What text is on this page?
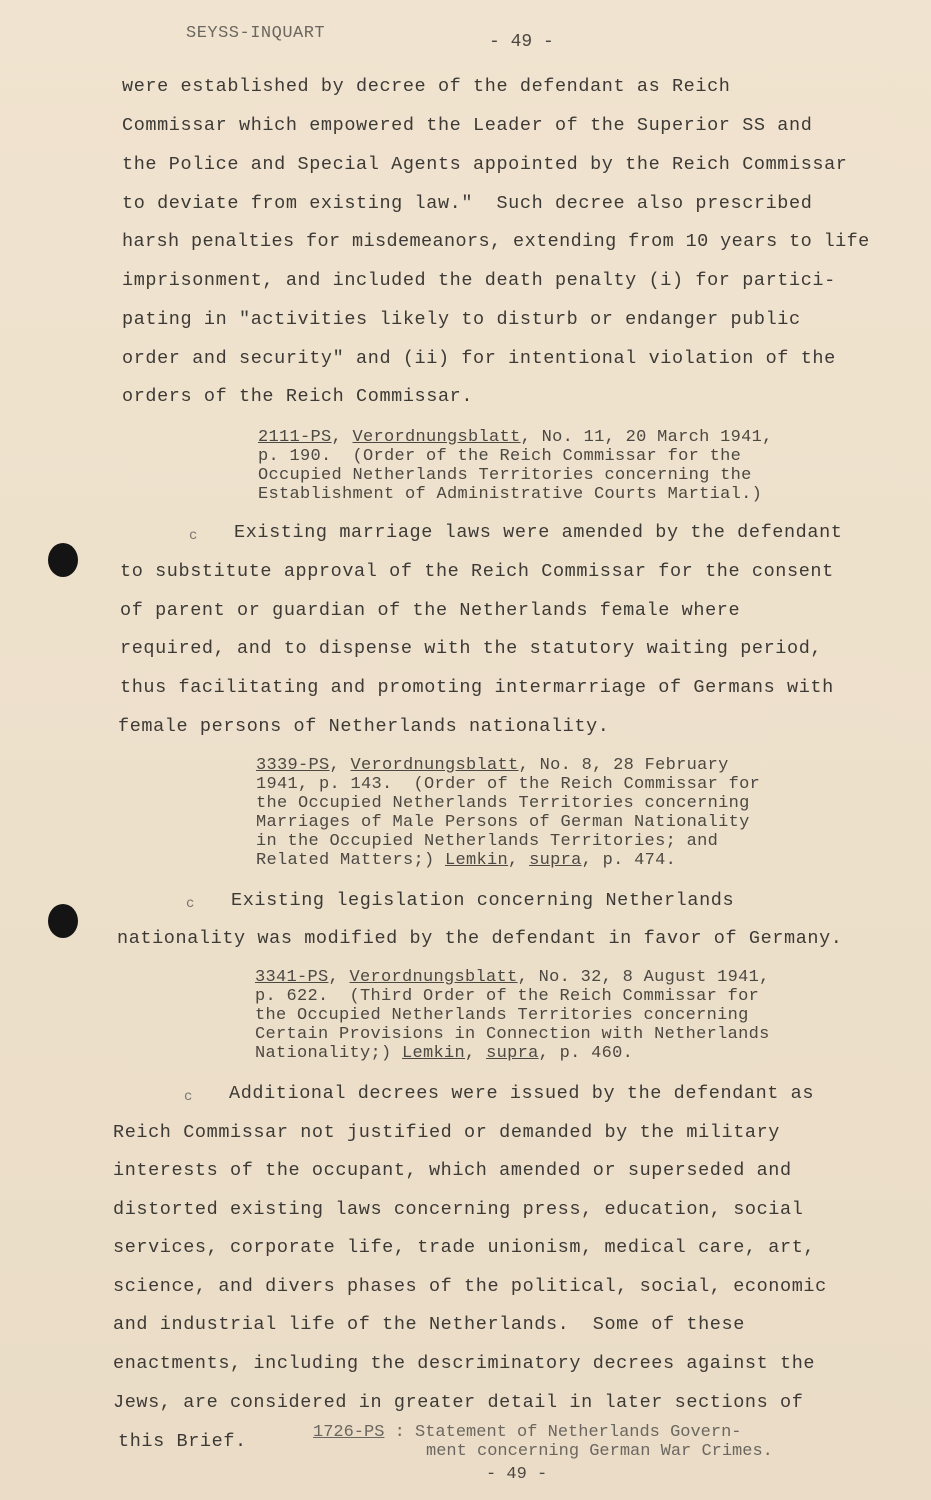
SEYSS-INQUART	- 49 -
were established by decree of the defendant as Reich
Commissar which empowered the Leader of the Superior SS and
the Police and Special Agents appointed by the Reich Commissar
to deviate from existing law."  Such decree also prescribed
harsh penalties for misdemeanors, extending from 10 years to life
imprisonment, and included the death penalty (i) for partici-
pating in "activities likely to disturb or endanger public
order and security" and (ii) for intentional violation of the
orders of the Reich Commissar.
2111-PS, Verordnungsblatt, No. 11, 20 March 1941,
p. 190.  (Order of the Reich Commissar for the
Occupied Netherlands Territories concerning the
Establishment of Administrative Courts Martial.)
c Existing marriage laws were amended by the defendant
to substitute approval of the Reich Commissar for the consent
of parent or guardian of the Netherlands female where
required, and to dispense with the statutory waiting period,
thus facilitating and promoting intermarriage of Germans with
female persons of Netherlands nationality.
3339-PS, Verordnungsblatt, No. 8, 28 February
1941, p. 143.  (Order of the Reich Commissar for
the Occupied Netherlands Territories concerning
Marriages of Male Persons of German Nationality
in the Occupied Netherlands Territories; and
Related Matters;) Lemkin, supra, p. 474.
c Existing legislation concerning Netherlands
nationality was modified by the defendant in favor of Germany.
3341-PS, Verordnungsblatt, No. 32, 8 August 1941,
p. 622.  (Third Order of the Reich Commissar for
the Occupied Netherlands Territories concerning
Certain Provisions in Connection with Netherlands
Nationality;) Lemkin, supra, p. 460.
c Additional decrees were issued by the defendant as
Reich Commissar not justified or demanded by the military
interests of the occupant, which amended or superseded and
distorted existing laws concerning press, education, social
services, corporate life, trade unionism, medical care, art,
science, and divers phases of the political, social, economic
and industrial life of the Netherlands.  Some of these
enactments, including the descriminatory decrees against the
Jews, are considered in greater detail in later sections of
this Brief.	1726-PS : Statement of Netherlands Govern-
ment concerning German War Crimes.
- 49 -
